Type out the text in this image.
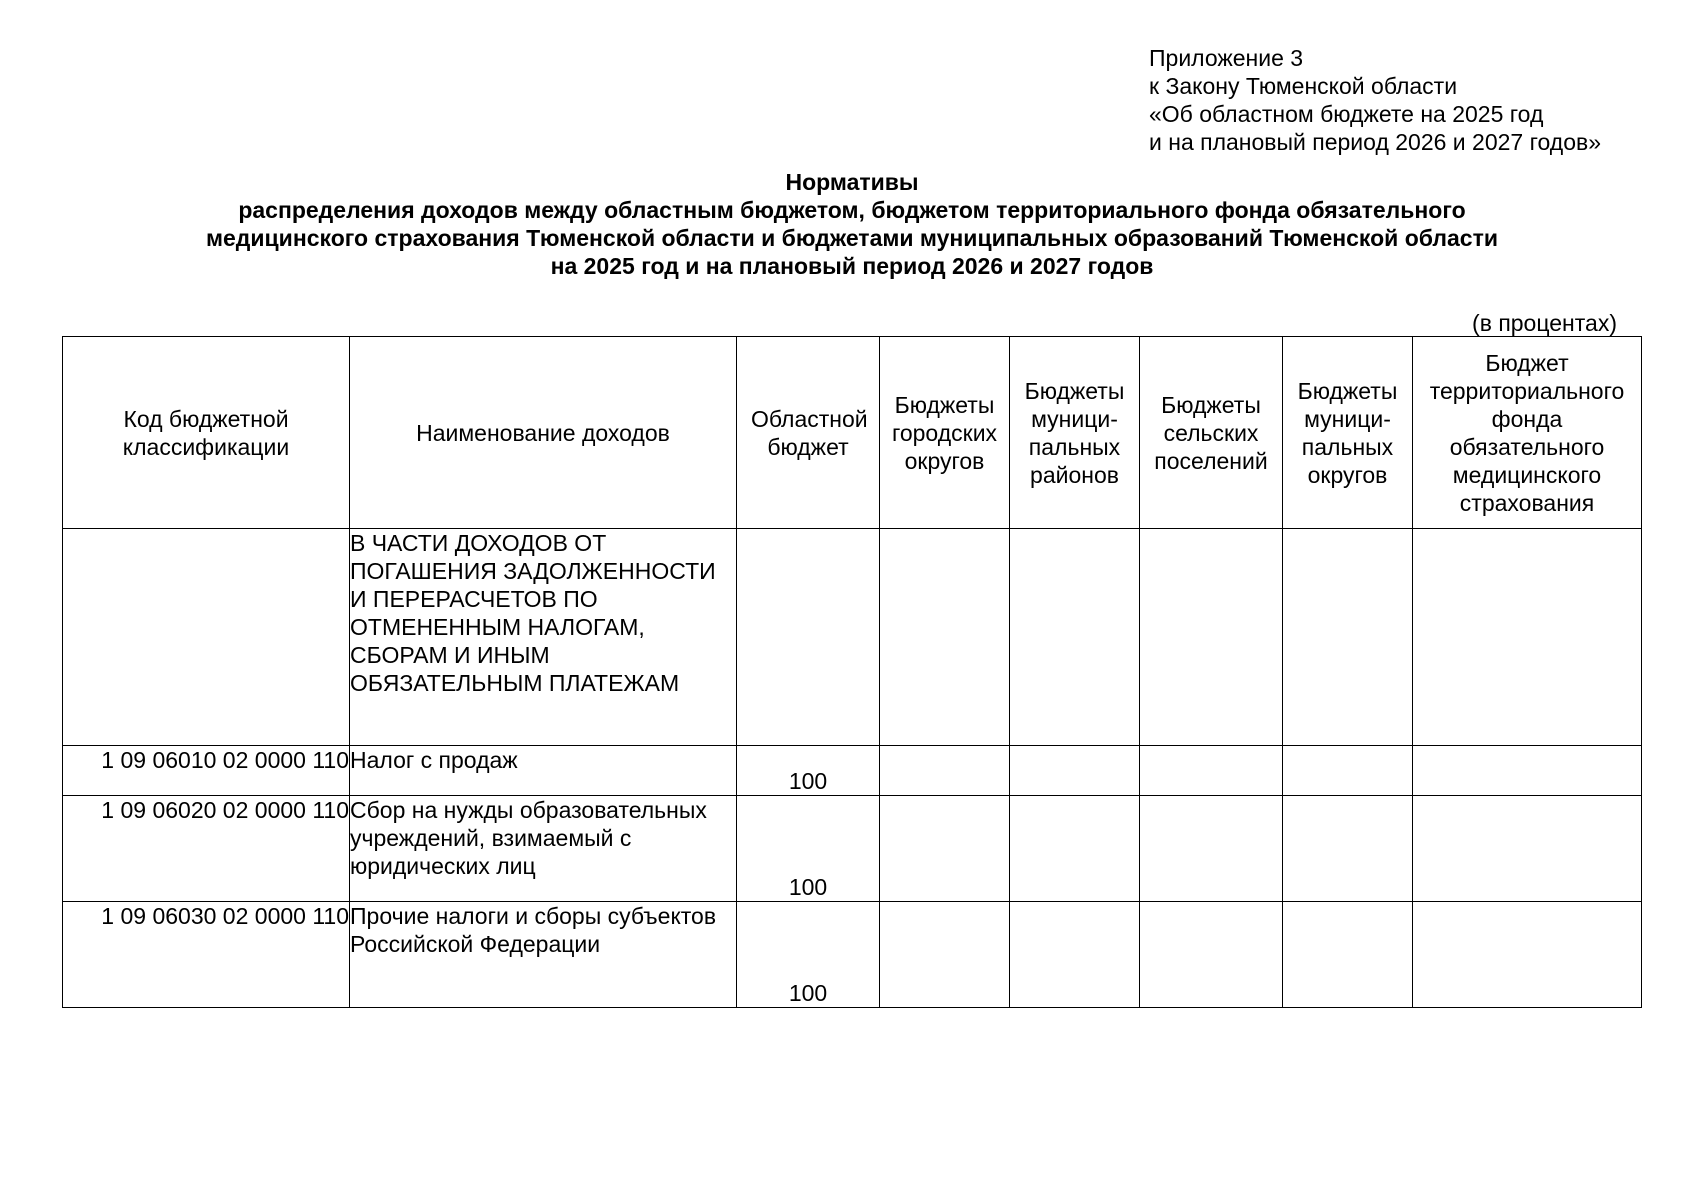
Приложение 3
к Закону Тюменской области
«Об областном бюджете на 2025 год
и на плановый период 2026 и 2027 годов»
Нормативы
распределения доходов между областным бюджетом, бюджетом территориального фонда обязательного
медицинского страхования Тюменской области и бюджетами муниципальных образований Тюменской области
на 2025 год и на плановый период 2026 и 2027 годов
(в процентах)
Код бюджетной классификации	Наименование доходов	Областной бюджет	Бюджеты городских округов	Бюджеты муници-пальных районов	Бюджеты сельских поселений	Бюджеты муници-пальных округов	Бюджет территориального фонда обязательного медицинского страхования

	В ЧАСТИ ДОХОДОВ ОТ ПОГАШЕНИЯ ЗАДОЛЖЕННОСТИ И ПЕРЕРАСЧЕТОВ ПО ОТМЕНЕННЫМ НАЛОГАМ, СБОРАМ И ИНЫМ ОБЯЗАТЕЛЬНЫМ ПЛАТЕЖАМ						
1 09 06010 02 0000 110	Налог с продаж	100					
1 09 06020 02 0000 110	Сбор на нужды образовательных учреждений, взимаемый с юридических лиц	100					
1 09 06030 02 0000 110	Прочие налоги и сборы субъектов Российской Федерации	100					
